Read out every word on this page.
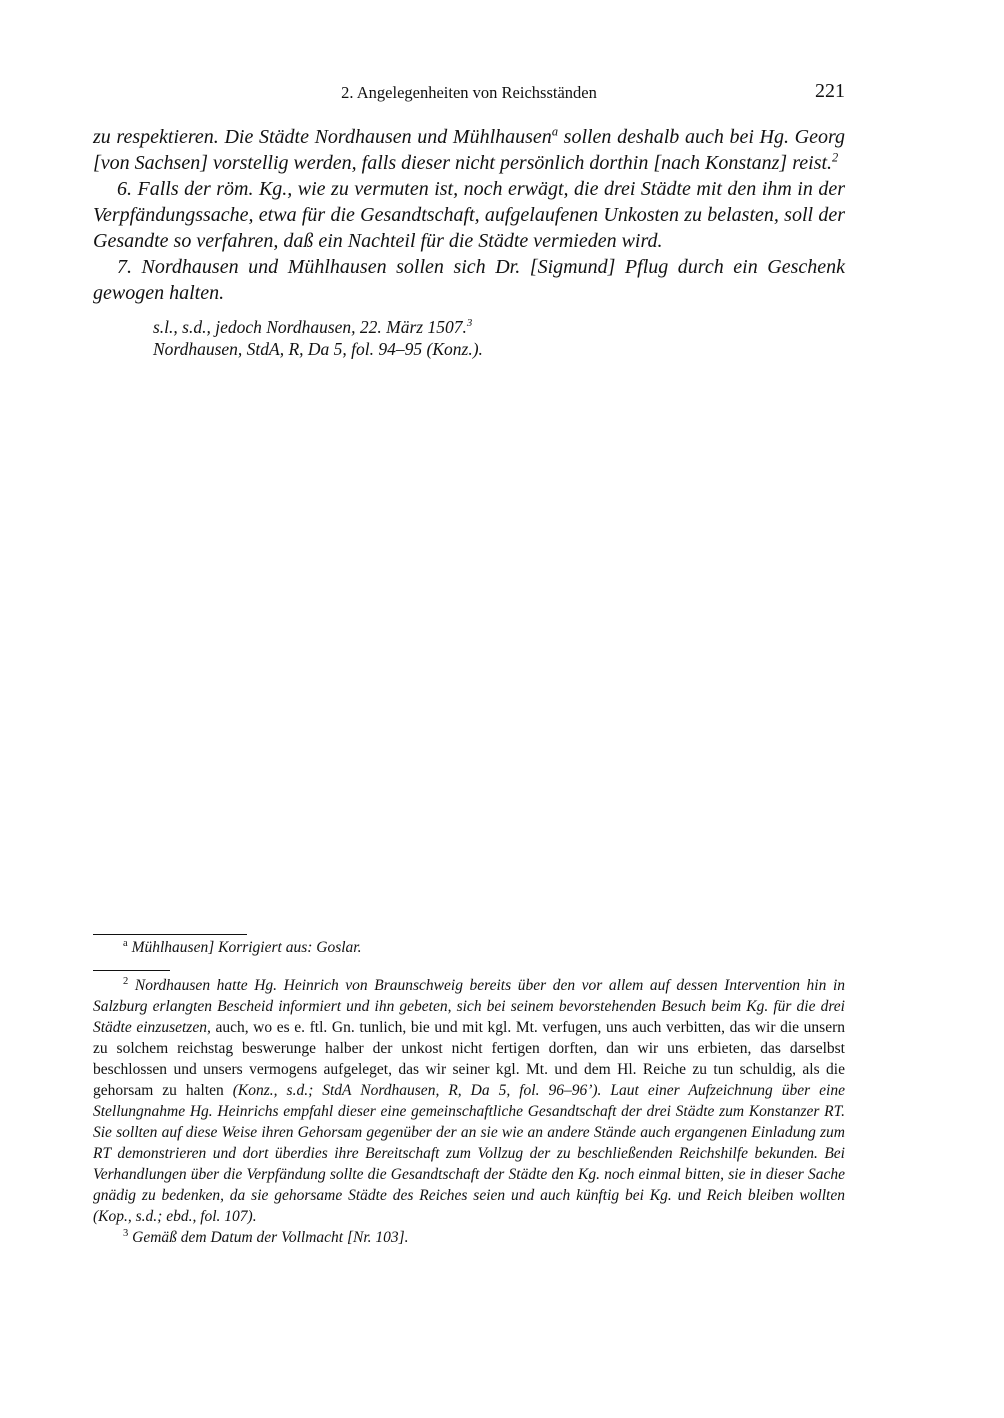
2. Angelegenheiten von Reichsständen	221

zu respektieren. Die Städte Nordhausen und Mühlhausen$^a$ sollen deshalb auch bei Hg. Georg [von Sachsen] vorstellig werden, falls dieser nicht persönlich dorthin [nach Konstanz] reist.$^2$

6. Falls der röm. Kg., wie zu vermuten ist, noch erwägt, die drei Städte mit den ihm in der Verpfändungssache, etwa für die Gesandtschaft, aufgelaufenen Unkosten zu belasten, soll der Gesandte so verfahren, daß ein Nachteil für die Städte vermieden wird.

7. Nordhausen und Mühlhausen sollen sich Dr. [Sigmund] Pflug durch ein Geschenk gewogen halten.

s.l., s.d., jedoch Nordhausen, 22. März 1507.$^3$
Nordhausen, StdA, R, Da 5, fol. 94–95 (Konz.).
$^a$ Mühlhausen] Korrigiert aus: Goslar.

$^2$ Nordhausen hatte Hg. Heinrich von Braunschweig bereits über den vor allem auf dessen Intervention hin in Salzburg erlangten Bescheid informiert und ihn gebeten, sich bei seinem bevorstehenden Besuch beim Kg. für die drei Städte einzusetzen, auch, wo es e. ftl. Gn. tunlich, bie und mit kgl. Mt. verfugen, uns auch verbitten, das wir die unsern zu solchem reichstag beswerunge halber der unkost nicht fertigen dorften, dan wir uns erbieten, das darselbst beschlossen und unsers vermogens aufgeleget, das wir seiner kgl. Mt. und dem Hl. Reiche zu tun schuldig, als die gehorsam zu halten (Konz., s.d.; StdA Nordhausen, R, Da 5, fol. 96–96’). Laut einer Aufzeichnung über eine Stellungnahme Hg. Heinrichs empfahl dieser eine gemeinschaftliche Gesandtschaft der drei Städte zum Konstanzer RT. Sie sollten auf diese Weise ihren Gehorsam gegenüber der an sie wie an andere Stände auch ergangenen Einladung zum RT demonstrieren und dort überdies ihre Bereitschaft zum Vollzug der zu beschließenden Reichshilfe bekunden. Bei Verhandlungen über die Verpfändung sollte die Gesandtschaft der Städte den Kg. noch einmal bitten, sie in dieser Sache gnädig zu bedenken, da sie gehorsame Städte des Reiches seien und auch künftig bei Kg. und Reich bleiben wollten (Kop., s.d.; ebd., fol. 107).

$^3$ Gemäß dem Datum der Vollmacht [Nr. 103].
